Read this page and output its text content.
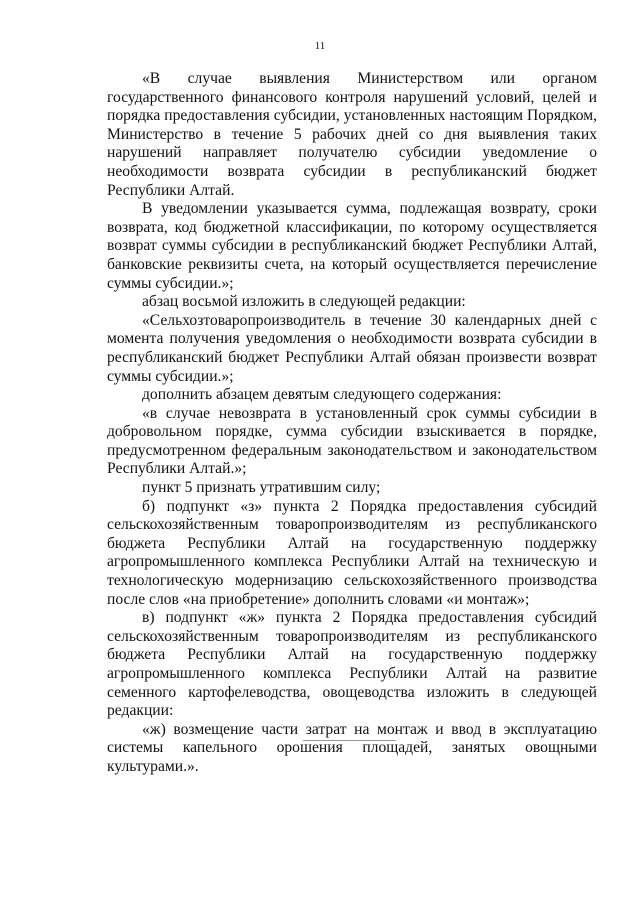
11

«В случае выявления Министерством или органом государственного финансового контроля нарушений условий, целей и порядка предоставления субсидии, установленных настоящим Порядком, Министерство в течение 5 рабочих дней со дня выявления таких нарушений направляет получателю субсидии уведомление о необходимости возврата субсидии в республиканский бюджет Республики Алтай.

В уведомлении указывается сумма, подлежащая возврату, сроки возврата, код бюджетной классификации, по которому осуществляется возврат суммы субсидии в республиканский бюджет Республики Алтай, банковские реквизиты счета, на который осуществляется перечисление суммы субсидии.»;

абзац восьмой изложить в следующей редакции:

«Сельхозтоваропроизводитель в течение 30 календарных дней с момента получения уведомления о необходимости возврата субсидии в республиканский бюджет Республики Алтай обязан произвести возврат суммы субсидии.»;

дополнить абзацем девятым следующего содержания:

«в случае невозврата в установленный срок суммы субсидии в добровольном порядке, сумма субсидии взыскивается в порядке, предусмотренном федеральным законодательством и законодательством Республики Алтай.»;

пункт 5 признать утратившим силу;

б) подпункт «з» пункта 2 Порядка предоставления субсидий сельскохозяйственным товаропроизводителям из республиканского бюджета Республики Алтай на государственную поддержку агропромышленного комплекса Республики Алтай на техническую и технологическую модернизацию сельскохозяйственного производства после слов «на приобретение» дополнить словами «и монтаж»;

в) подпункт «ж» пункта 2 Порядка предоставления субсидий сельскохозяйственным товаропроизводителям из республиканского бюджета Республики Алтай на государственную поддержку агропромышленного комплекса Республики Алтай на развитие семенного картофелеводства, овощеводства изложить в следующей редакции:

«ж) возмещение части затрат на монтаж и ввод в эксплуатацию системы капельного орошения площадей, занятых овощными культурами.».
